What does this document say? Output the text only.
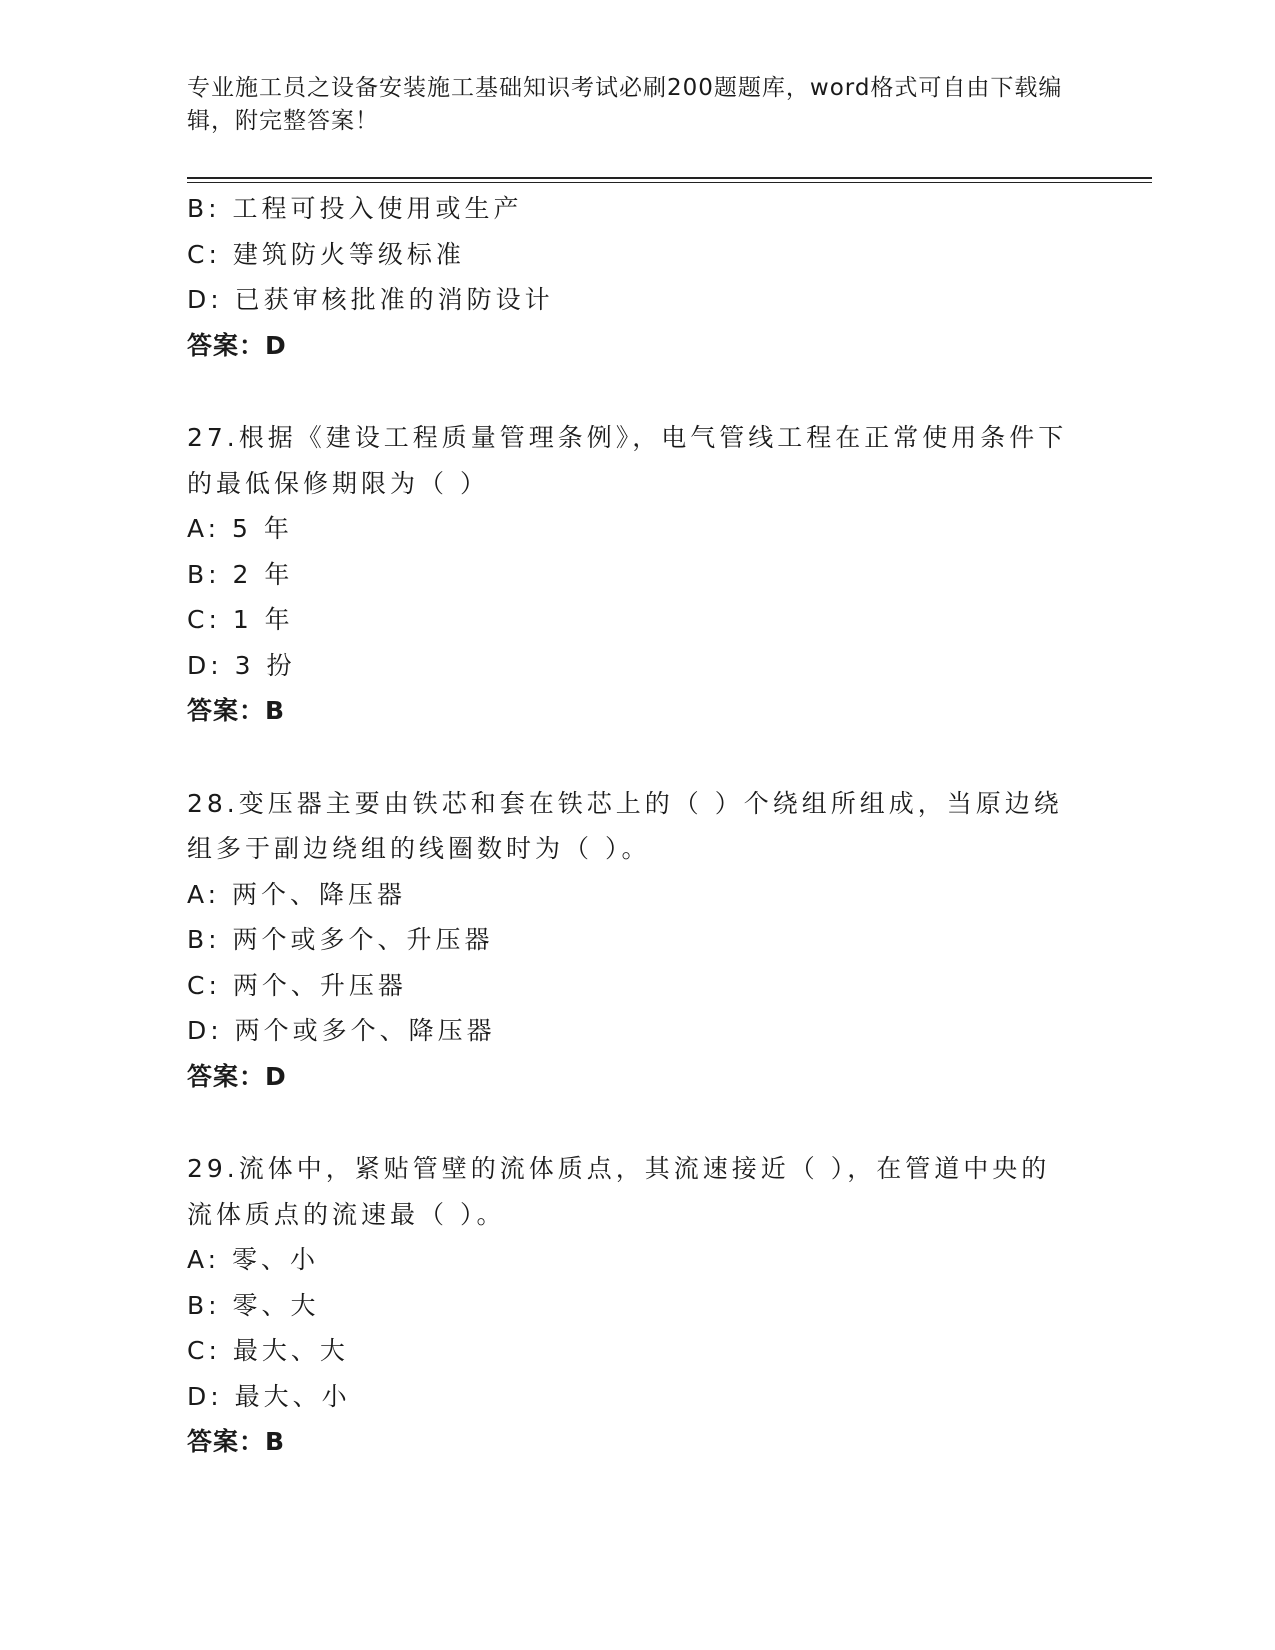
专业施工员之设备安装施工基础知识考试必刷200题题库，word格式可自由下载编辑，附完整答案！
B: 工程可投入使用或生产
C: 建筑防火等级标准
D: 已获审核批准的消防设计
答案：D
27.根据《建设工程质量管理条例》，电气管线工程在正常使用条件下的最低保修期限为（ ）
A: 5 年
B: 2 年
C: 1 年
D: 3 扮
答案：B
28.变压器主要由铁芯和套在铁芯上的（ ）个绕组所组成，当原边绕组多于副边绕组的线圈数时为（ ）。
A: 两个、降压器
B: 两个或多个、升压器
C: 两个、升压器
D: 两个或多个、降压器
答案：D
29.流体中，紧贴管壁的流体质点，其流速接近（ ），在管道中央的流体质点的流速最（ ）。
A: 零、小
B: 零、大
C: 最大、大
D: 最大、小
答案：B
